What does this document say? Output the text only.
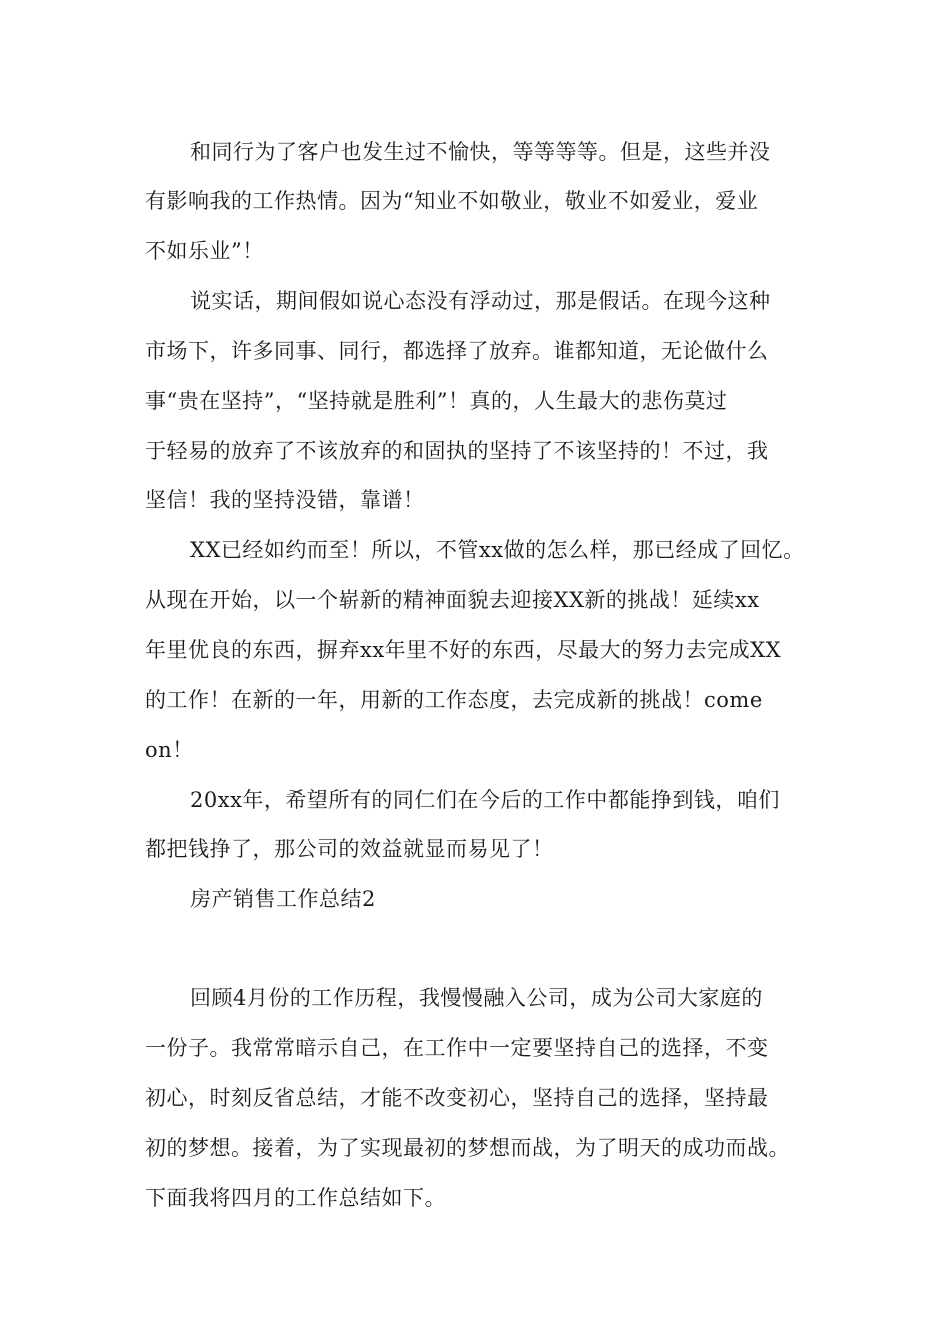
和同行为了客户也发生过不愉快，等等等等。但是，这些并没
有影响我的工作热情。因为“知业不如敬业，敬业不如爱业，爱业
不如乐业”！
说实话，期间假如说心态没有浮动过，那是假话。在现今这种
市场下，许多同事、同行，都选择了放弃。谁都知道，无论做什么
事“贵在坚持”，“坚持就是胜利”！真的，人生最大的悲伤莫过
于轻易的放弃了不该放弃的和固执的坚持了不该坚持的！不过，我
坚信！我的坚持没错，靠谱！
XX已经如约而至！所以，不管xx做的怎么样，那已经成了回忆。
从现在开始，以一个崭新的精神面貌去迎接XX新的挑战！延续xx
年里优良的东西，摒弃xx年里不好的东西，尽最大的努力去完成XX
的工作！在新的一年，用新的工作态度，去完成新的挑战！come
on！
20xx年，希望所有的同仁们在今后的工作中都能挣到钱，咱们
都把钱挣了，那公司的效益就显而易见了！
房产销售工作总结2
回顾4月份的工作历程，我慢慢融入公司，成为公司大家庭的
一份子。我常常暗示自己，在工作中一定要坚持自己的选择，不变
初心，时刻反省总结，才能不改变初心，坚持自己的选择，坚持最
初的梦想。接着，为了实现最初的梦想而战，为了明天的成功而战。
下面我将四月的工作总结如下。
